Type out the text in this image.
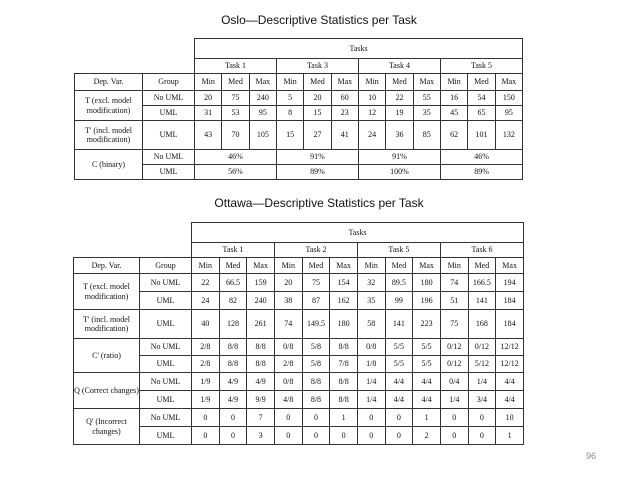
Oslo—Descriptive Statistics per Task
		Tasks											
		Task 1			Task 3			Task 4			Task 5		
Dep. Var.	Group	Min	Med	Max	Min	Med	Max	Min	Med	Max	Min	Med	Max
T (excl. model modification)	No UML	20	75	240	5	20	60	10	22	55	16	54	150
	UML	31	53	95	8	15	23	12	19	35	45	65	95
T' (incl. model modification)	UML	43	70	105	15	27	41	24	36	85	62	101	132
C (binary)	No UML	46%			91%			91%			46%		
	UML	56%			89%			100%			89%		
Ottawa—Descriptive Statistics per Task
		Tasks											
		Task 1			Task 2			Task 5			Task 6		
Dep. Var.	Group	Min	Med	Max	Min	Med	Max	Min	Med	Max	Min	Med	Max
T (excl. model modification)	No UML	22	66.5	159	20	75	154	32	89.5	180	74	166.5	194
	UML	24	82	240	38	87	162	35	99	196	51	141	184
T' (incl. model modification)	UML	40	128	261	74	149.5	180	58	141	223	75	168	184
C' (ratio)	No UML	2/8	8/8	8/8	0/8	5/8	8/8	0/8	5/5	5/5	0/12	0/12	12/12
	UML	2/8	8/8	8/8	2/8	5/8	7/8	1/8	5/5	5/5	0/12	5/12	12/12
Q (Correct changes)	No UML	1/9	4/9	4/9	0/8	8/8	8/8	1/4	4/4	4/4	0/4	1/4	4/4
	UML	1/9	4/9	9/9	4/8	8/8	8/8	1/4	4/4	4/4	1/4	3/4	4/4
Q' (Incorrect changes)	No UML	0	0	7	0	0	1	0	0	1	0	0	10
	UML	0	0	3	0	0	0	0	0	2	0	0	1
96
